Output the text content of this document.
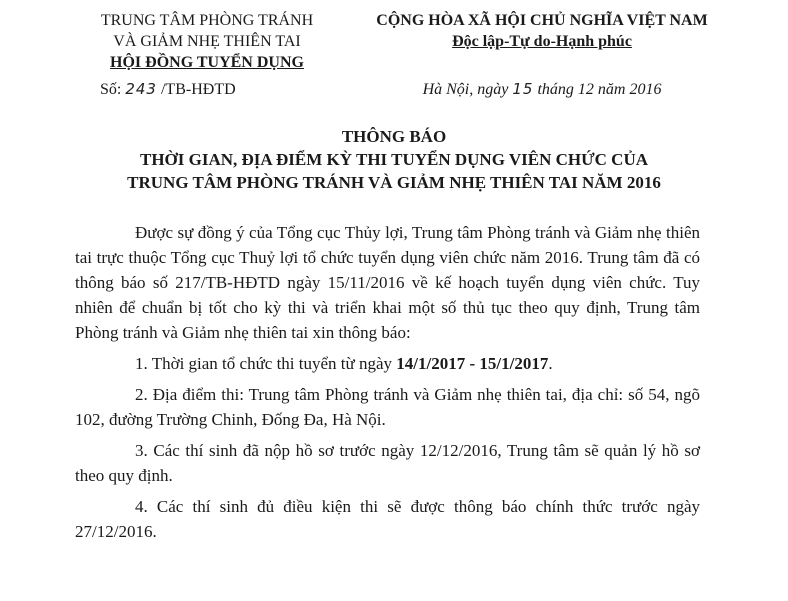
TRUNG TÂM PHÒNG TRÁNH
VÀ GIẢM NHẸ THIÊN TAI
HỘI ĐỒNG TUYỂN DỤNG
CỘNG HÒA XÃ HỘI CHỦ NGHĨA VIỆT NAM
Độc lập-Tự do-Hạnh phúc
Số: 243 /TB-HĐTD	Hà Nội, ngày 15 tháng 12 năm 2016
THÔNG BÁO
THỜI GIAN, ĐỊA ĐIỂM KỲ THI TUYỂN DỤNG VIÊN CHỨC CỦA
TRUNG TÂM PHÒNG TRÁNH VÀ GIẢM NHẸ THIÊN TAI NĂM 2016

Được sự đồng ý của Tổng cục Thủy lợi, Trung tâm Phòng tránh và Giảm nhẹ thiên tai trực thuộc Tổng cục Thuỷ lợi tổ chức tuyển dụng viên chức năm 2016. Trung tâm đã có thông báo số 217/TB-HĐTD ngày 15/11/2016 về kế hoạch tuyển dụng viên chức. Tuy nhiên để chuẩn bị tốt cho kỳ thi và triển khai một số thủ tục theo quy định, Trung tâm Phòng tránh và Giảm nhẹ thiên tai xin thông báo:

1. Thời gian tổ chức thi tuyển từ ngày 14/1/2017 - 15/1/2017.

2. Địa điểm thi: Trung tâm Phòng tránh và Giảm nhẹ thiên tai, địa chỉ: số 54, ngõ 102, đường Trường Chinh, Đống Đa, Hà Nội.

3. Các thí sinh đã nộp hồ sơ trước ngày 12/12/2016, Trung tâm sẽ quản lý hồ sơ theo quy định.

4. Các thí sinh đủ điều kiện thi sẽ được thông báo chính thức trước ngày 27/12/2016.
